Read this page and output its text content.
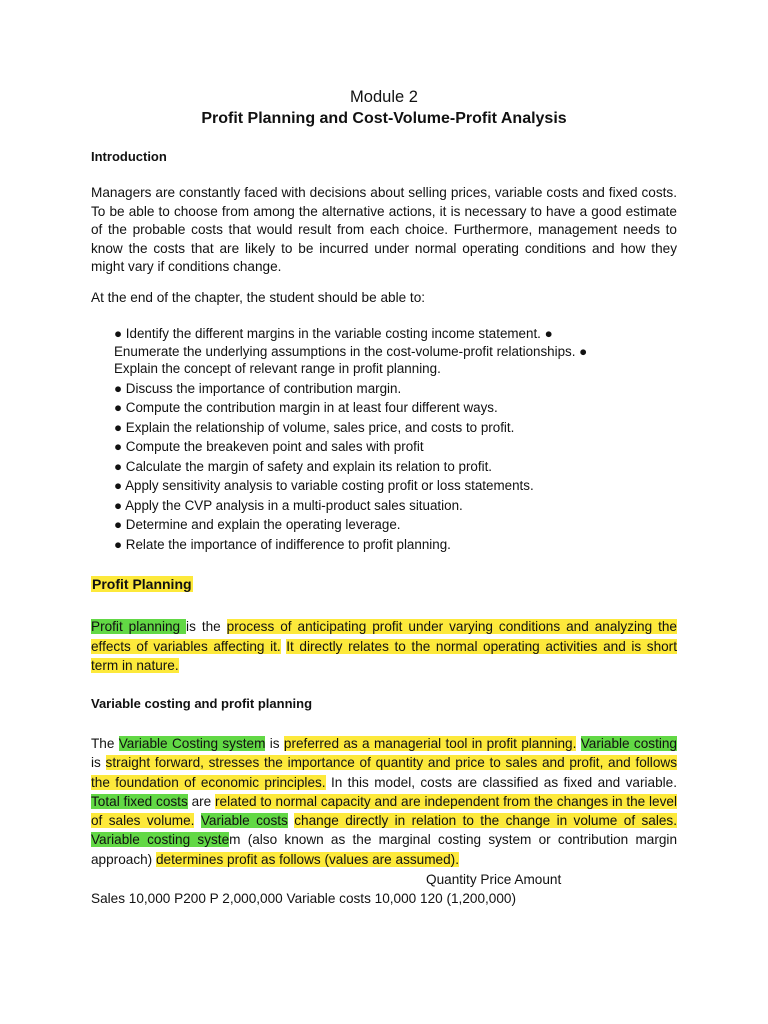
Module 2
Profit Planning and Cost-Volume-Profit Analysis
Introduction
Managers are constantly faced with decisions about selling prices, variable costs and fixed costs. To be able to choose from among the alternative actions, it is necessary to have a good estimate of the probable costs that would result from each choice. Furthermore, management needs to know the costs that are likely to be incurred under normal operating conditions and how they might vary if conditions change.
At the end of the chapter, the student should be able to:
● Identify the different margins in the variable costing income statement. ●
Enumerate the underlying assumptions in the cost-volume-profit relationships. ●
Explain the concept of relevant range in profit planning.
● Discuss the importance of contribution margin.
● Compute the contribution margin in at least four different ways.
● Explain the relationship of volume, sales price, and costs to profit.
● Compute the breakeven point and sales with profit
● Calculate the margin of safety and explain its relation to profit.
● Apply sensitivity analysis to variable costing profit or loss statements.
● Apply the CVP analysis in a multi-product sales situation.
● Determine and explain the operating leverage.
● Relate the importance of indifference to profit planning.
Profit Planning
Profit planning is the process of anticipating profit under varying conditions and analyzing the effects of variables affecting it. It directly relates to the normal operating activities and is short term in nature.
Variable costing and profit planning
The Variable Costing system is preferred as a managerial tool in profit planning. Variable costing is straight forward, stresses the importance of quantity and price to sales and profit, and follows the foundation of economic principles. In this model, costs are classified as fixed and variable. Total fixed costs are related to normal capacity and are independent from the changes in the level of sales volume. Variable costs change directly in relation to the change in volume of sales. Variable costing system (also known as the marginal costing system or contribution margin approach) determines profit as follows (values are assumed).
Quantity Price Amount
Sales 10,000 P200 P 2,000,000 Variable costs 10,000 120 (1,200,000)
